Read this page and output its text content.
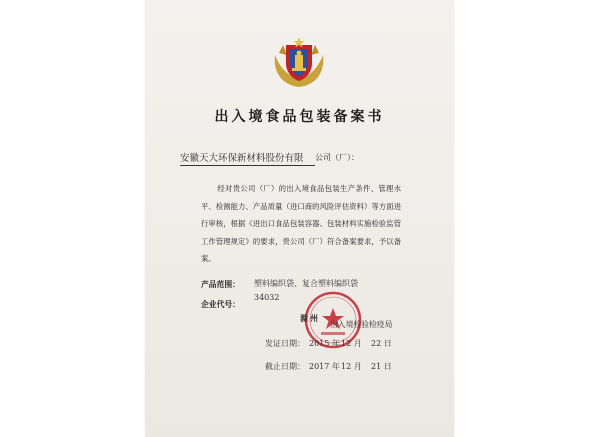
出入境食品包装备案书
安徽天大环保新材料股份有限 公司（厂）：
经对贵公司（厂）的出入境食品包装生产条件、管理水平、检测能力、产品质量（进口商的风险评估资料）等方面进行审核，根据《进出口食品包装容器、包装材料实施检验监管工作管理规定》的要求，贵公司（厂）符合备案要求，予以备案。
产品范围： 塑料编织袋、复合塑料编织袋
企业代号：
34032
滁州
出入境检验检疫局
发证日期： 2015 年12 月 22 日
截止日期： 2017 年12 月 21 日
